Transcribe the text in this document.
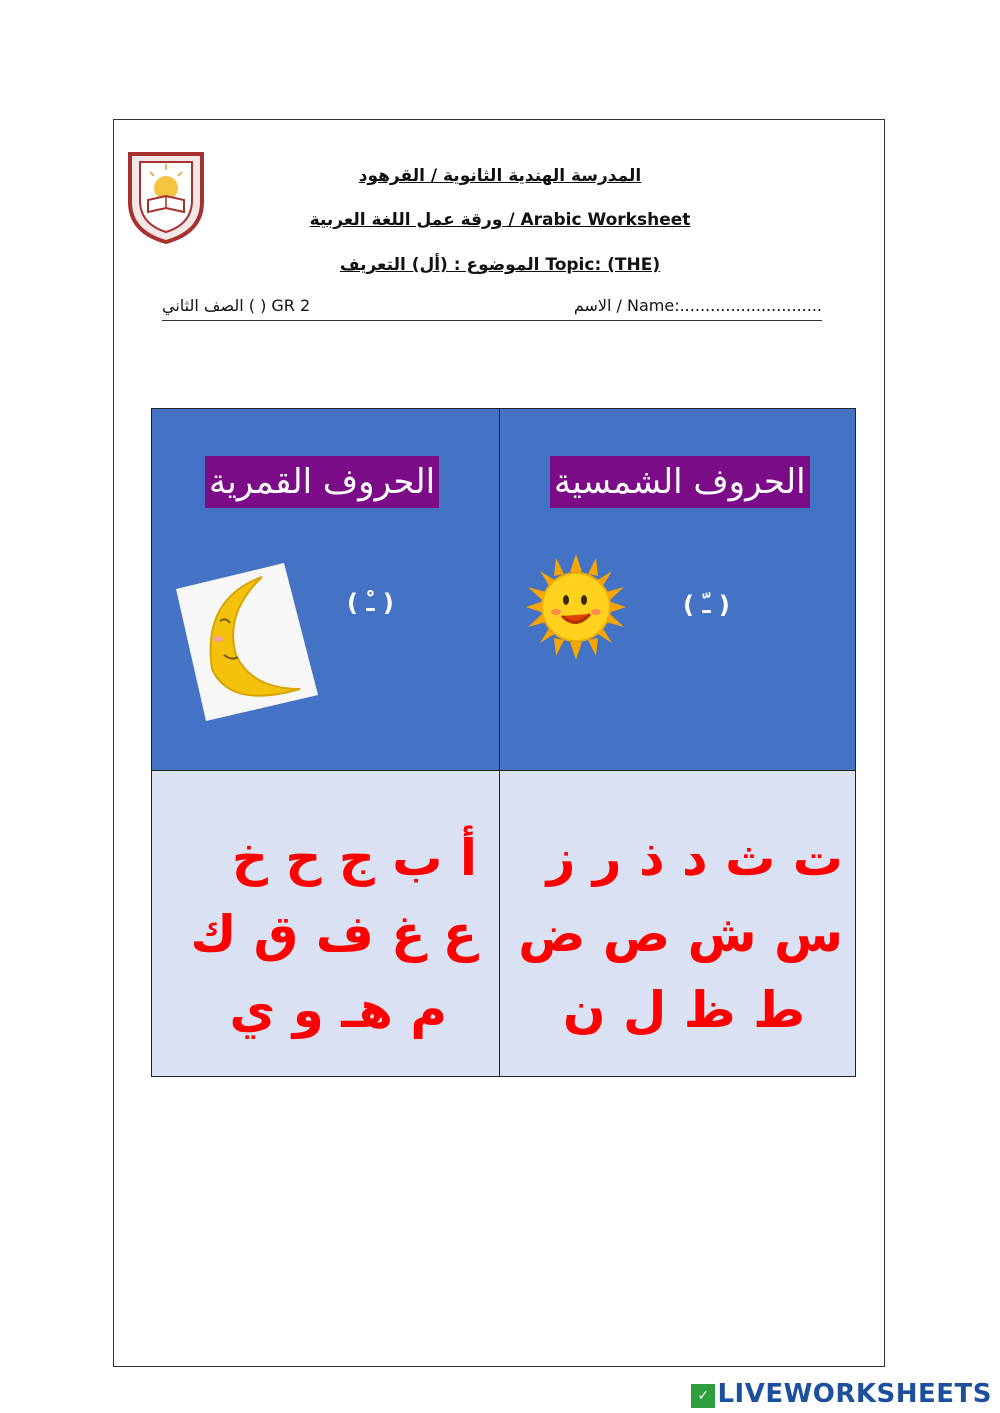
المدرسة الهندية الثانوية / القرهود
ورقة عمل اللغة العربية / Arabic Worksheet
الموضوع : (أل) التعريف Topic: (THE)
الاسم / Name:............................
الصف الثاني ( ) GR 2
الحروف القمرية
( ـْ )
الحروف الشمسية
( ـّ )
أ ب ج ح خ
ع غ ف ق ك
م هـ و ي
ت ث د ذ ر ز
س ش ص ض
ط ظ ل ن
✓ LIVEWORKSHEETS
